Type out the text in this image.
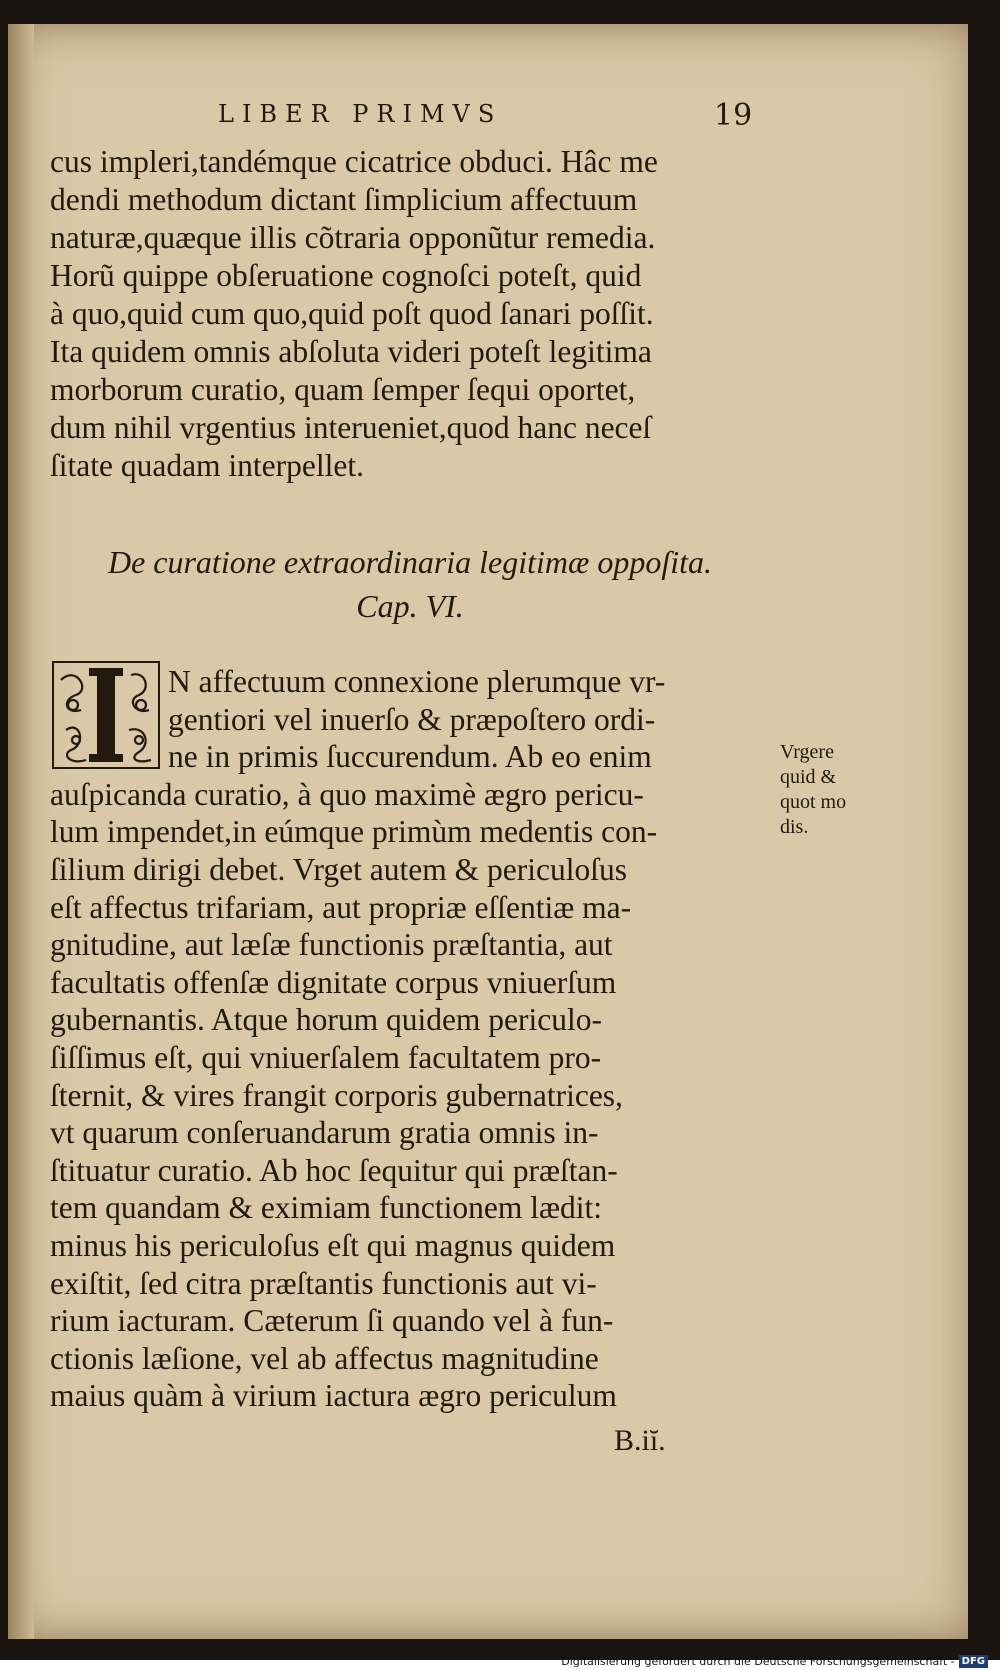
LIBER PRIMVS	19
cus impleri,tandémque cicatrice obduci. Hâc me
dendi methodum dictant ſimplicium affectuum
naturæ,quæque illis cõtraria opponũtur remedia.
Horũ quippe obſeruatione cognoſci poteſt, quid
à quo,quid cum quo,quid poſt quod ſanari poſſit.
Ita quidem omnis abſoluta videri poteſt legitima
morborum curatio, quam ſemper ſequi oportet,
dum nihil vrgentius interueniet,quod hanc neceſ
ſitate quadam interpellet.
De curatione extraordinaria legitimæ oppoſita.
Cap. VI.
N affectuum connexione plerumque vr-
gentiori vel inuerſo & præpoſtero ordi-
ne in primis ſuccurendum. Ab eo enim
auſpicanda curatio, à quo maximè ægro pericu-
lum impendet,in eúmque primùm medentis con-
ſilium dirigi debet. Vrget autem & periculoſus
eſt affectus trifariam, aut propriæ eſſentiæ ma-
gnitudine, aut læſæ functionis præſtantia, aut
facultatis offenſæ dignitate corpus vniuerſum
gubernantis. Atque horum quidem periculo-
ſiſſimus eſt, qui vniuerſalem facultatem pro-
ſternit, & vires frangit corporis gubernatrices,
vt quarum conſeruandarum gratia omnis in-
ſtituatur curatio. Ab hoc ſequitur qui præſtan-
tem quandam & eximiam functionem lædit:
minus his periculoſus eſt qui magnus quidem
exiſtit, ſed citra præſtantis functionis aut vi-
rium iacturam. Cæterum ſi quando vel à fun-
ctionis læſione, vel ab affectus magnitudine
maius quàm à virium iactura ægro periculum
Vrgere
quid &
quot mo
dis.
B.iĭ.
Digitalisierung gefördert durch die Deutsche Forschungsgemeinschaft - DFG
